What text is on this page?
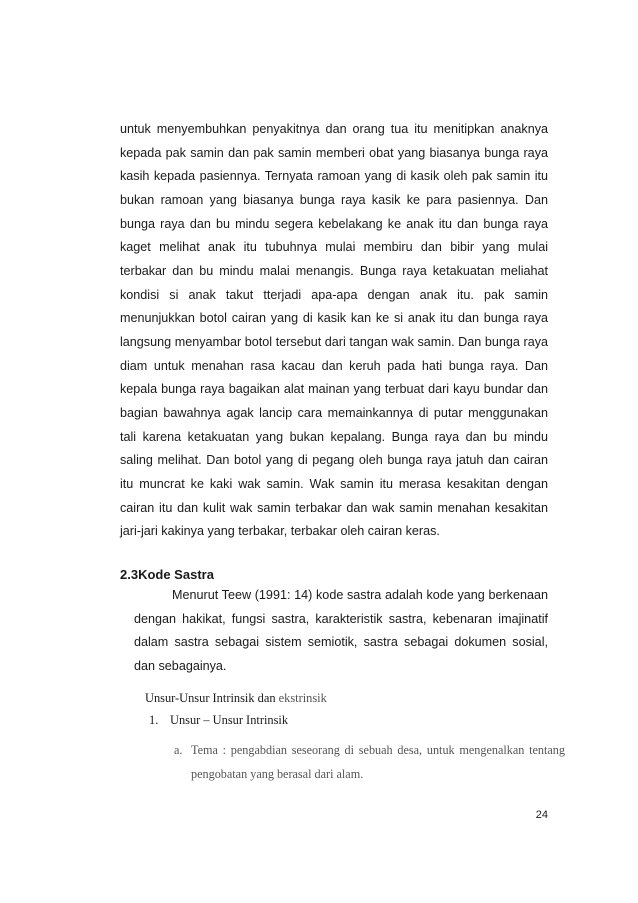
untuk menyembuhkan penyakitnya dan orang tua itu menitipkan anaknya kepada pak samin dan pak samin memberi obat yang biasanya bunga raya kasih kepada pasiennya. Ternyata ramoan yang di kasik oleh pak samin itu bukan ramoan yang biasanya bunga raya kasik ke para pasiennya. Dan bunga raya dan bu mindu segera kebelakang ke anak itu dan bunga raya kaget melihat anak itu tubuhnya mulai membiru dan bibir yang mulai terbakar dan bu mindu malai menangis. Bunga raya ketakuatan meliahat kondisi si anak takut tterjadi apa-apa dengan anak itu. pak samin menunjukkan botol cairan yang di kasik kan ke si anak itu dan bunga raya langsung menyambar botol tersebut dari tangan wak samin. Dan bunga raya diam untuk menahan rasa kacau dan keruh pada hati bunga raya. Dan kepala bunga raya bagaikan alat mainan yang terbuat dari kayu bundar dan bagian bawahnya agak lancip cara memainkannya di putar menggunakan tali karena ketakuatan yang bukan kepalang. Bunga raya dan bu mindu saling melihat. Dan botol yang di pegang oleh bunga raya jatuh dan cairan itu muncrat ke kaki wak samin. Wak samin itu merasa kesakitan dengan cairan itu dan kulit wak samin terbakar dan wak samin menahan kesakitan jari-jari kakinya yang terbakar, terbakar oleh cairan keras.

2.3Kode Sastra

Menurut Teew (1991: 14) kode sastra adalah kode yang berkenaan dengan hakikat, fungsi sastra, karakteristik sastra, kebenaran imajinatif dalam sastra sebagai sistem semiotik, sastra sebagai dokumen sosial, dan sebagainya.

Unsur-Unsur Intrinsik dan ekstrinsik

1. Unsur – Unsur Intrinsik

a. Tema : pengabdian seseorang di sebuah desa, untuk mengenalkan tentang pengobatan yang berasal dari alam.

24
